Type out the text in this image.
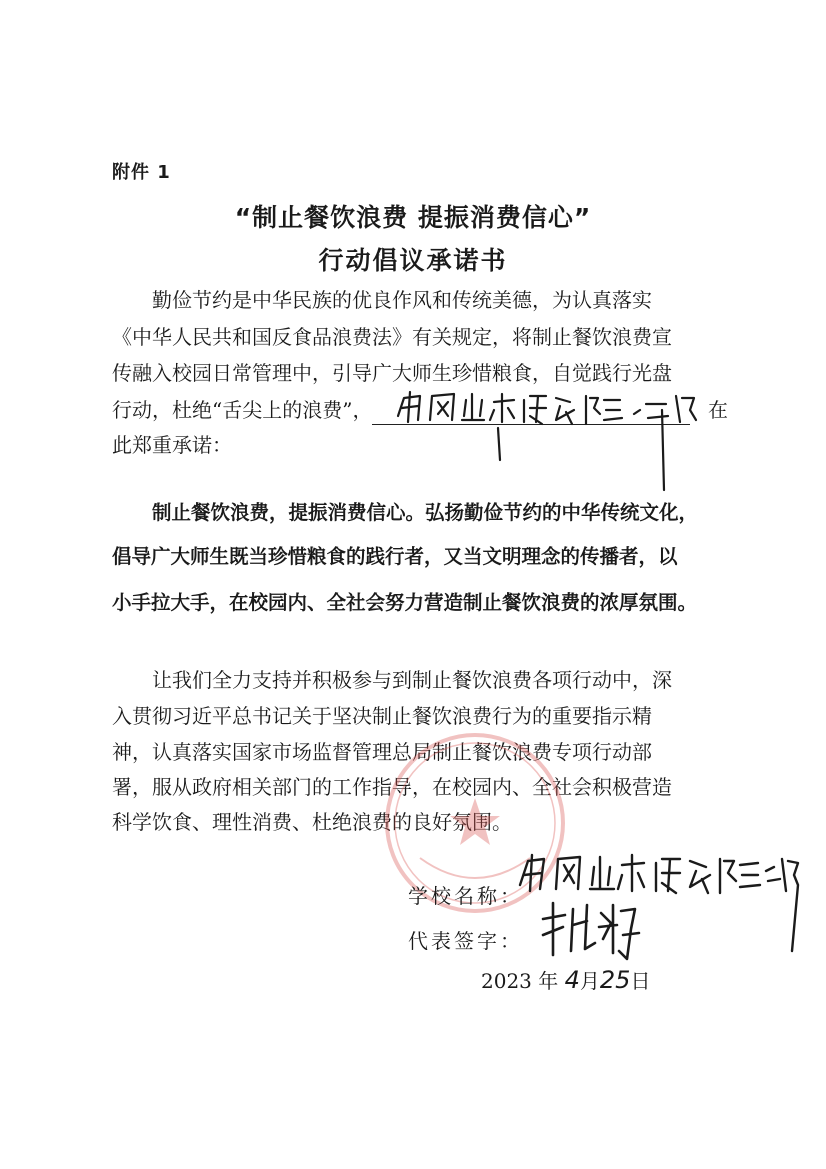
附件 1
“制止餐饮浪费 提振消费信心”
行动倡议承诺书
勤俭节约是中华民族的优良作风和传统美德，为认真落实
《中华人民共和国反食品浪费法》有关规定，将制止餐饮浪费宣
传融入校园日常管理中，引导广大师生珍惜粮食，自觉践行光盘
行动，杜绝“舌尖上的浪费”，	在
此郑重承诺：
制止餐饮浪费，提振消费信心。弘扬勤俭节约的中华传统文化，
倡导广大师生既当珍惜粮食的践行者，又当文明理念的传播者，以
小手拉大手，在校园内、全社会努力营造制止餐饮浪费的浓厚氛围。
让我们全力支持并积极参与到制止餐饮浪费各项行动中，深
入贯彻习近平总书记关于坚决制止餐饮浪费行为的重要指示精
神，认真落实国家市场监督管理总局制止餐饮浪费专项行动部
署，服从政府相关部门的工作指导，在校园内、全社会积极营造
科学饮食、理性消费、杜绝浪费的良好氛围。
学校名称：
代表签字：
2023 年 4月25日
